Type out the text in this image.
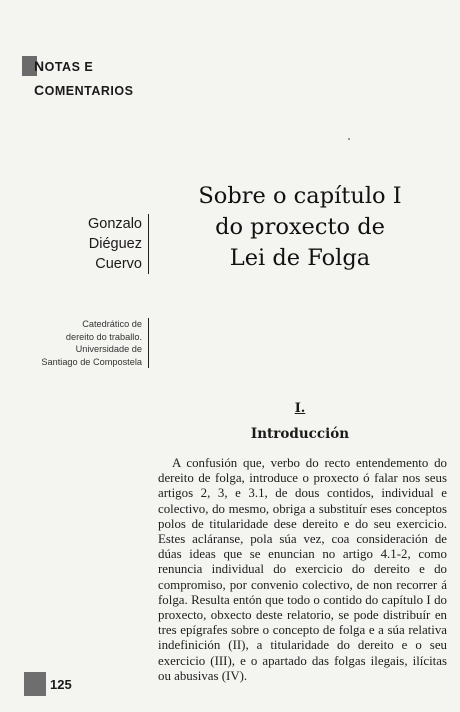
NOTAS E
COMENTARIOS
Gonzalo
Diéguez
Cuervo
Catedrático de
dereito do traballo.
Universidade de
Santiago de Compostela
Sobre o capítulo I
do proxecto de
Lei de Folga
I.
Introducción

A confusión que, verbo do recto entendemento do dereito de folga, introduce o proxecto ó falar nos seus artigos 2, 3, e 3.1, de dous contidos, individual e colectivo, do mesmo, obriga a substituír eses conceptos polos de titularidade dese dereito e do seu exercicio. Estes acláranse, pola súa vez, coa consideración de dúas ideas que se enuncian no artigo 4.1-2, como renuncia individual do exercicio do dereito e do compromiso, por convenio colectivo, de non recorrer á folga. Resulta entón que todo o contido do capítulo I do proxecto, obxecto deste relatorio, se pode distribuír en tres epígrafes sobre o concepto de folga e a súa relativa indefinición (II), a titularidade do dereito e o seu exercicio (III), e o apartado das folgas ilegais, ilícitas ou abusivas (IV).

125
